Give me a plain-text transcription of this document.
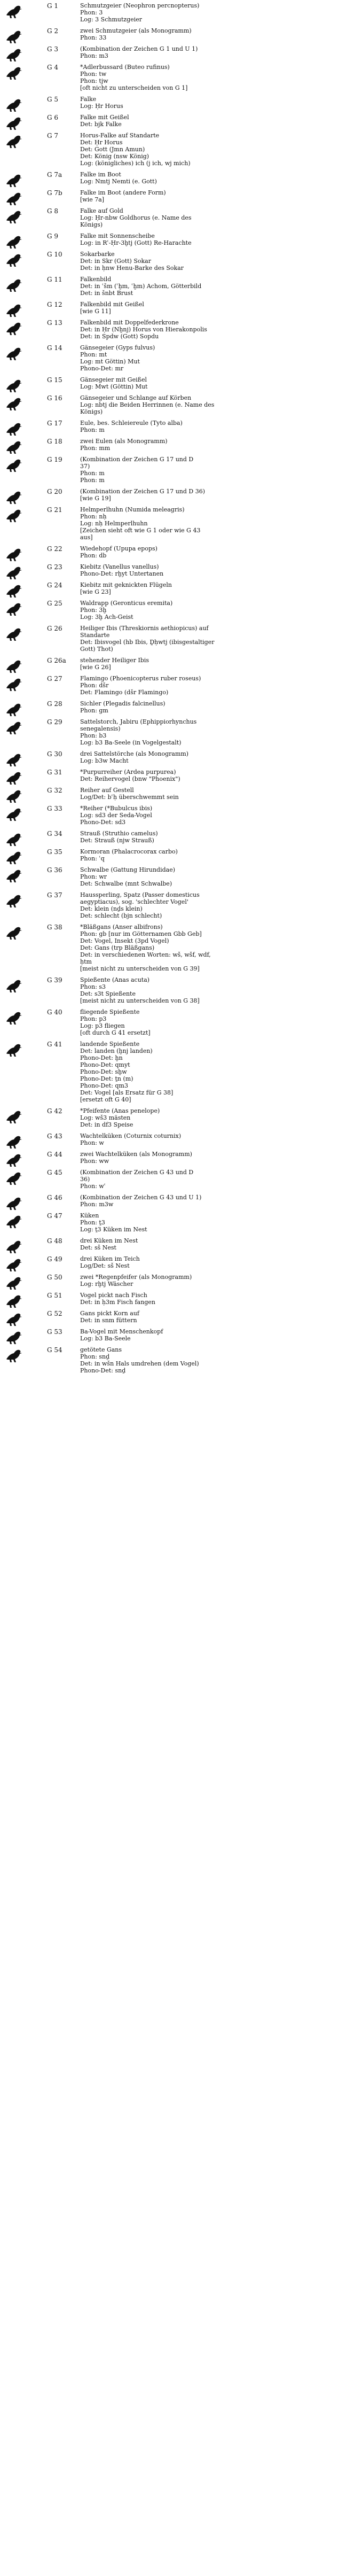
G 1	Schmutzgeier (Neophron percnopterus)
Phon: 3
Log: 3 Schmutzgeier
G 2	zwei Schmutzgeier (als Monogramm)
Phon: 33
G 3	(Kombination der Zeichen G 1 und U 1)
Phon: m3
G 4	*Adlerbussard (Buteo rufinus)
Phon: tw
Phon: tjw
[oft nicht zu unterscheiden von G 1]
G 5	Falke
Log: Ḥr Horus
G 6	Falke mit Geißel
Det: bjk Falke
G 7	Horus-Falke auf Standarte
Det: Ḥr Horus
Det: Gott (Jmn Amun)
Det: König (nsw König)
Log: (königliches) ich (j ich, wj mich)
G 7a	Falke im Boot
Log: Nmtj Nemti (e. Gott)
G 7b	Falke im Boot (andere Form)
[wie 7a]
G 8	Falke auf Gold
Log: Ḥr-nbw Goldhorus (e. Name des
Königs)
G 9	Falke mit Sonnenscheibe
Log: in Rʿ-Ḥr-3ḫtj (Gott) Re-Harachte
G 10	Sokarbarke
Det: in Skr (Gott) Sokar
Det: in ḥnw Henu-Barke des Sokar
G 11	Falkenbild
Det: in ʿšm (ʿḫm, ʿḫm) Achom, Götterbild
Det: in šnbt Brust
G 12	Falkenbild mit Geißel
[wie G 11]
G 13	Falkenbild mit Doppelfederkrone
Det: in Ḥr (Nḫnj) Horus von Hierakonpolis
Det: in Spdw (Gott) Sopdu
G 14	Gänsegeier (Gyps fulvus)
Phon: mt
Log: mt Göttin) Mut
Phono-Det: mr
G 15	Gänsegeier mit Geißel
Log: Mwt (Göttin) Mut
G 16	Gänsegeier und Schlange auf Körben
Log: nbtj die Beiden Herrinnen (e. Name des
Königs)
G 17	Eule, bes. Schleiereule (Tyto alba)
Phon: m
G 18	zwei Eulen (als Monogramm)
Phon: mm
G 19	(Kombination der Zeichen G 17 und D
37)
Phon: m
Phon: m
G 20	(Kombination der Zeichen G 17 und D 36)
[wie G 19]
G 21	Helmperlhuhn (Numida meleagris)
Phon: nḥ
Log: nḥ Helmperlhuhn
[Zeichen sieht oft wie G 1 oder wie G 43
aus]
G 22	Wiedehopf (Upupa epops)
Phon: db
G 23	Kiebitz (Vanellus vanellus)
Phono-Det: rḫyt Untertanen
G 24	Kiebitz mit geknickten Flügeln
[wie G 23]
G 25	Waldrapp (Geronticus eremita)
Phon: 3ḫ
Log: 3ḫ Ach-Geist
G 26	Heiliger Ibis (Threskiornis aethiopicus) auf
Standarte
Det: Ibisvogel (hb Ibis, Ḏḥwtj (ibisgestaltiger
Gott) Thot)
G 26a	stehender Heiliger Ibis
[wie G 26]
G 27	Flamingo (Phoenicopterus ruber roseus)
Phon: dšr
Det: Flamingo (dšr Flamingo)
G 28	Sichler (Plegadis falcinellus)
Phon: gm
G 29	Sattelstorch, Jabiru (Ephippiorhynchus
senegalensis)
Phon: b3
Log: b3 Ba-Seele (in Vogelgestalt)
G 30	drei Sattelstörche (als Monogramm)
Log: b3w Macht
G 31	*Purpurreiher (Ardea purpurea)
Det: Reihervogel (bnw "Phoenix")
G 32	Reiher auf Gestell
Log/Det: bʿḥ überschwemmt sein
G 33	*Reiher (*Bubulcus ibis)
Log: sd3 der Seda-Vogel
Phono-Det: sd3
G 34	Strauß (Struthio camelus)
Det: Strauß (njw Strauß)
G 35	Kormoran (Phalacrocorax carbo)
Phon: ʿq
G 36	Schwalbe (Gattung Hirundidae)
Phon: wr
Det: Schwalbe (mnt Schwalbe)
G 37	Haussperling, Spatz (Passer domesticus
aegyptiacus), sog. 'schlechter Vogel'
Det: klein (nḏs klein)
Det: schlecht (bjn schlecht)
G 38	*Bläßgans (Anser albifrons)
Phon: gb [nur im Götternamen Gbb Geb]
Det: Vogel, Insekt (3pd Vogel)
Det: Gans (trp Bläßgans)
Det: in verschiedenen Worten: wš, wšf, wdf,
ḥtm
[meist nicht zu unterscheiden von G 39]
G 39	Spießente (Anas acuta)
Phon: s3
Det: s3t Spießente
[meist nicht zu unterscheiden von G 38]
G 40	fliegende Spießente
Phon: p3
Log: p3 fliegen
[oft durch G 41 ersetzt]
G 41	landende Spießente
Det: landen (ḫnj landen)
Phono-Det: ḫn
Phono-Det: qmyt
Phono-Det: sḫw
Phono-Det: ṯn (m)
Phono-Det: qm3
Det: Vogel [als Ersatz für G 38]
[ersetzt oft G 40]
G 42	*Pfeifente (Anas penelope)
Log: wš3 mästen
Det: in df3 Speise
G 43	Wachtelküken (Coturnix coturnix)
Phon: w
G 44	zwei Wachtelküken (als Monogramm)
Phon: ww
G 45	(Kombination der Zeichen G 43 und D
36)
Phon: wʿ
G 46	(Kombination der Zeichen G 43 und U 1)
Phon: m3w
G 47	Küken
Phon: ṯ3
Log: ṯ3 Küken im Nest
G 48	drei Küken im Nest
Det: sš Nest
G 49	drei Küken im Teich
Log/Det: sš Nest
G 50	zwei *Regenpfeifer (als Monogramm)
Log: rḫtj Wäscher
G 51	Vogel pickt nach Fisch
Det: in ḥ3m Fisch fangen
G 52	Gans pickt Korn auf
Det: in snm füttern
G 53	Ba-Vogel mit Menschenkopf
Log: b3 Ba-Seele
G 54	getötete Gans
Phon: snḏ
Det: in wšn Hals umdrehen (dem Vogel)
Phono-Det: snḏ
